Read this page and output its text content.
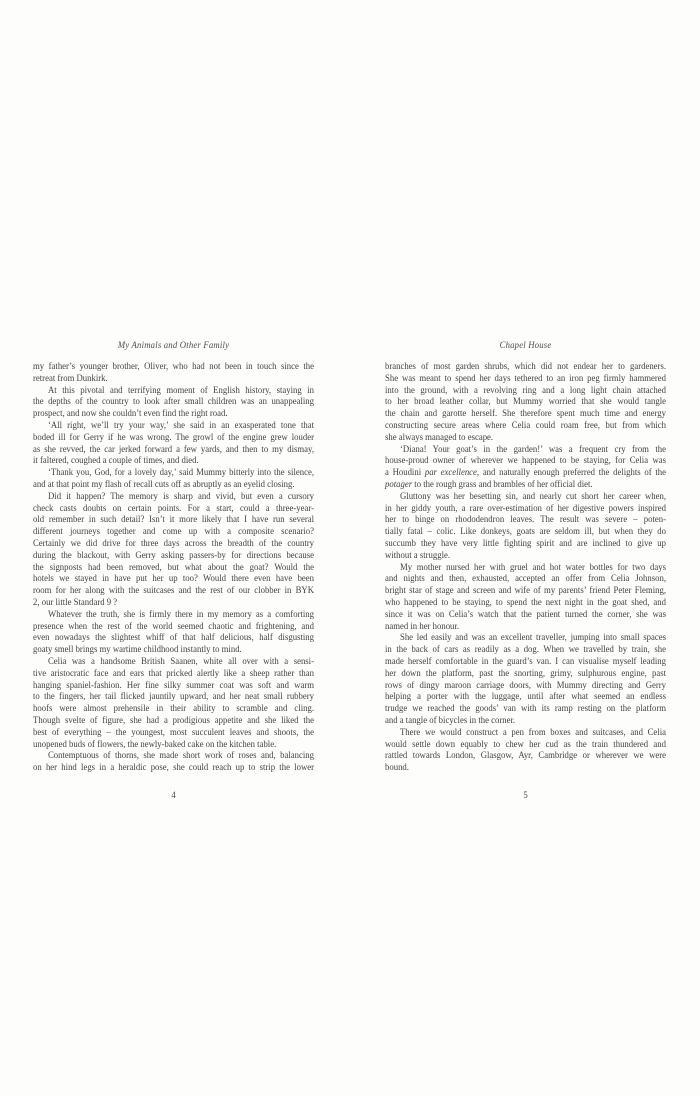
My Animals and Other Family
my father’s younger brother, Oliver, who had not been in touch since the
retreat from Dunkirk.
At this pivotal and terrifying moment of English history, staying in
the depths of the country to look after small children was an unappealing
prospect, and now she couldn’t even find the right road.
‘All right, we’ll try your way,’ she said in an exasperated tone that
boded ill for Gerry if he was wrong. The growl of the engine grew louder
as she revved, the car jerked forward a few yards, and then to my dismay,
it faltered, coughed a couple of times, and died.
‘Thank you, God, for a lovely day,’ said Mummy bitterly into the silence,
and at that point my flash of recall cuts off as abruptly as an eyelid closing.
Did it happen? The memory is sharp and vivid, but even a cursory
check casts doubts on certain points. For a start, could a three-year-
old remember in such detail? Isn’t it more likely that I have run several
different journeys together and come up with a composite scenario?
Certainly we did drive for three days across the breadth of the country
during the blackout, with Gerry asking passers-by for directions because
the signposts had been removed, but what about the goat? Would the
hotels we stayed in have put her up too? Would there even have been
room for her along with the suitcases and the rest of our clobber in BYK
2, our little Standard 9 ?
Whatever the truth, she is firmly there in my memory as a comforting
presence when the rest of the world seemed chaotic and frightening, and
even nowadays the slightest whiff of that half delicious, half disgusting
goaty smell brings my wartime childhood instantly to mind.
Celia was a handsome British Saanen, white all over with a sensi-
tive aristocratic face and ears that pricked alertly like a sheep rather than
hanging spaniel-fashion. Her fine silky summer coat was soft and warm
to the fingers, her tail flicked jauntily upward, and her neat small rubbery
hoofs were almost prehensile in their ability to scramble and cling.
Though svelte of figure, she had a prodigious appetite and she liked the
best of everything – the youngest, most succulent leaves and shoots, the
unopened buds of flowers, the newly-baked cake on the kitchen table.
Contemptuous of thorns, she made short work of roses and, balancing
on her hind legs in a heraldic pose, she could reach up to strip the lower
4
Chapel House
branches of most garden shrubs, which did not endear her to gardeners.
She was meant to spend her days tethered to an iron peg firmly hammered
into the ground, with a revolving ring and a long light chain attached
to her broad leather collar, but Mummy worried that she would tangle
the chain and garotte herself. She therefore spent much time and energy
constructing secure areas where Celia could roam free, but from which
she always managed to escape.
‘Diana! Your goat’s in the garden!’ was a frequent cry from the
house-proud owner of wherever we happened to be staying, for Celia was
a Houdini par excellence, and naturally enough preferred the delights of the
potager to the rough grass and brambles of her official diet.
Gluttony was her besetting sin, and nearly cut short her career when,
in her giddy youth, a rare over-estimation of her digestive powers inspired
her to binge on rhododendron leaves. The result was severe – poten-
tially fatal – colic. Like donkeys, goats are seldom ill, but when they do
succumb they have very little fighting spirit and are inclined to give up
without a struggle.
My mother nursed her with gruel and hot water bottles for two days
and nights and then, exhausted, accepted an offer from Celia Johnson,
bright star of stage and screen and wife of my parents’ friend Peter Fleming,
who happened to be staying, to spend the next night in the goat shed, and
since it was on Celia’s watch that the patient turned the corner, she was
named in her honour.
She led easily and was an excellent traveller, jumping into small spaces
in the back of cars as readily as a dog. When we travelled by train, she
made herself comfortable in the guard’s van. I can visualise myself leading
her down the platform, past the snorting, grimy, sulphurous engine, past
rows of dingy maroon carriage doors, with Mummy directing and Gerry
helping a porter with the luggage, until after what seemed an endless
trudge we reached the goods’ van with its ramp resting on the platform
and a tangle of bicycles in the corner.
There we would construct a pen from boxes and suitcases, and Celia
would settle down equably to chew her cud as the train thundered and
rattled towards London, Glasgow, Ayr, Cambridge or wherever we were
bound.
5
